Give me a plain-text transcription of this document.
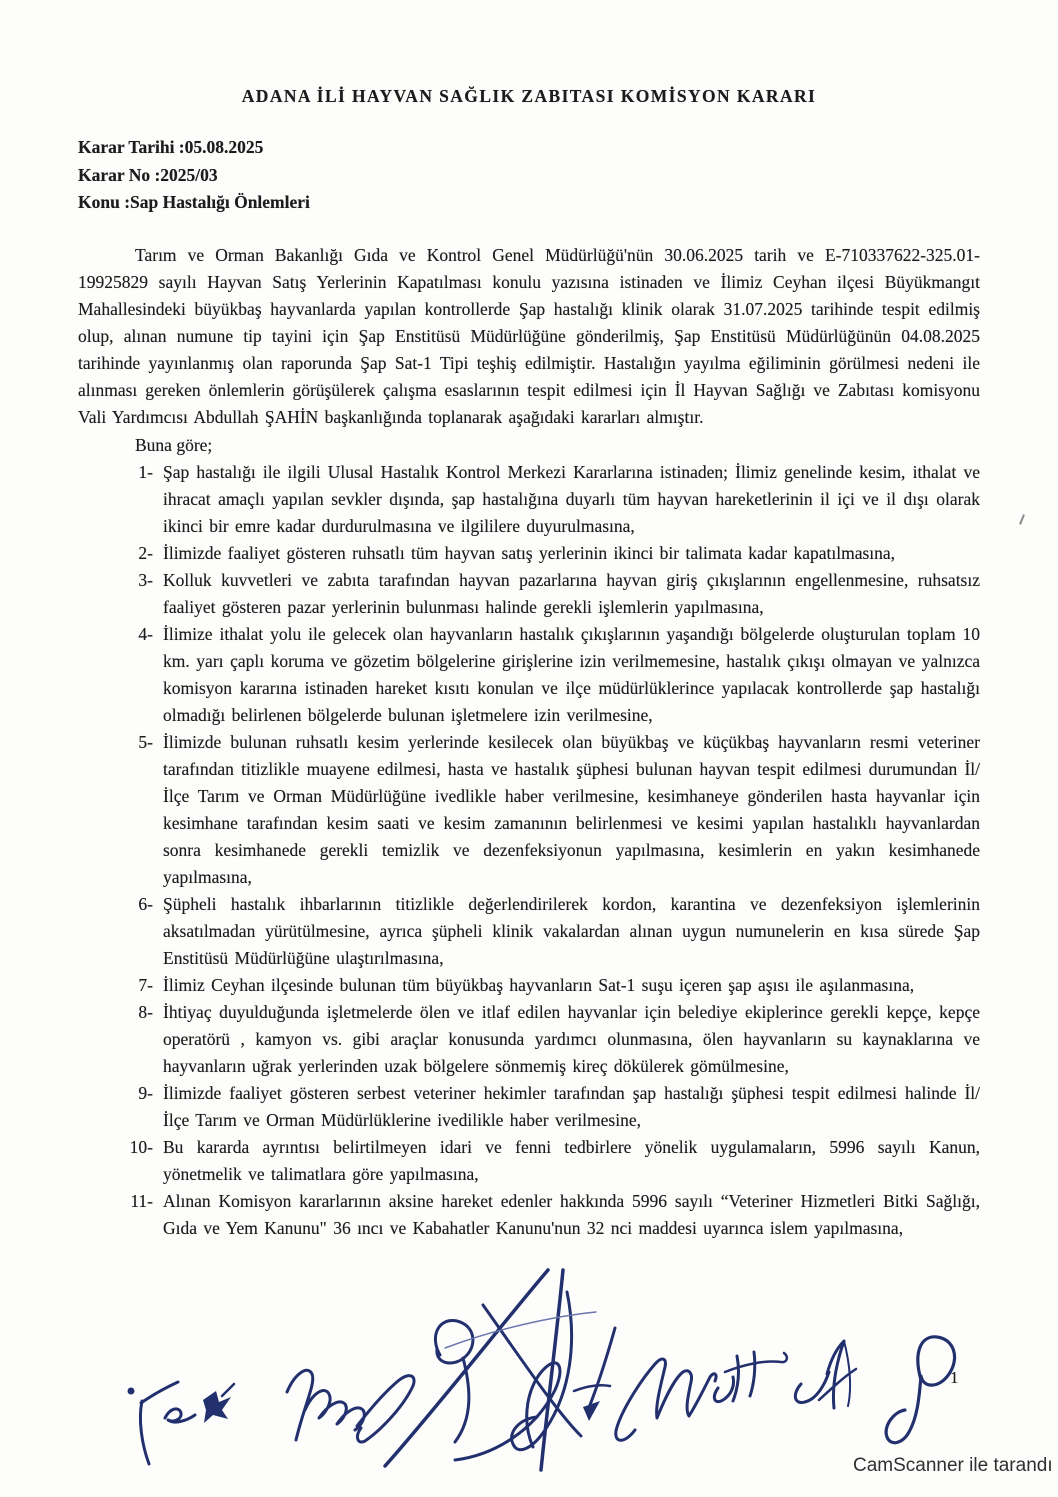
ADANA İLİ HAYVAN SAĞLIK ZABITASI KOMİSYON KARARI
Karar Tarihi :05.08.2025
Karar No :2025/03
Konu :Sap Hastalığı Önlemleri

Tarım ve Orman Bakanlığı Gıda ve Kontrol Genel Müdürlüğü'nün 30.06.2025 tarih ve E-710337622-325.01-19925829 sayılı Hayvan Satış Yerlerinin Kapatılması konulu yazısına istinaden ve İlimiz Ceyhan ilçesi Büyükmangıt Mahallesindeki büyükbaş hayvanlarda yapılan kontrollerde Şap hastalığı klinik olarak 31.07.2025 tarihinde tespit edilmiş olup, alınan numune tip tayini için Şap Enstitüsü Müdürlüğüne gönderilmiş, Şap Enstitüsü Müdürlüğünün 04.08.2025 tarihinde yayınlanmış olan raporunda Şap Sat-1 Tipi teşhiş edilmiştir. Hastalığın yayılma eğiliminin görülmesi nedeni ile alınması gereken önlemlerin görüşülerek çalışma esaslarının tespit edilmesi için İl Hayvan Sağlığı ve Zabıtası komisyonu Vali Yardımcısı Abdullah ŞAHİN başkanlığında toplanarak aşağıdaki kararları almıştır.

Buna göre;

1- Şap hastalığı ile ilgili Ulusal Hastalık Kontrol Merkezi Kararlarına istinaden; İlimiz genelinde kesim, ithalat ve ihracat amaçlı yapılan sevkler dışında, şap hastalığına duyarlı tüm hayvan hareketlerinin il içi ve il dışı olarak ikinci bir emre kadar durdurulmasına ve ilgililere duyurulmasına,
2- İlimizde faaliyet gösteren ruhsatlı tüm hayvan satış yerlerinin ikinci bir talimata kadar kapatılmasına,
3- Kolluk kuvvetleri ve zabıta tarafından hayvan pazarlarına hayvan giriş çıkışlarının engellenmesine, ruhsatsız faaliyet gösteren pazar yerlerinin bulunması halinde gerekli işlemlerin yapılmasına,
4- İlimize ithalat yolu ile gelecek olan hayvanların hastalık çıkışlarının yaşandığı bölgelerde oluşturulan toplam 10 km. yarı çaplı koruma ve gözetim bölgelerine girişlerine izin verilmemesine, hastalık çıkışı olmayan ve yalnızca komisyon kararına istinaden hareket kısıtı konulan ve ilçe müdürlüklerince yapılacak kontrollerde şap hastalığı olmadığı belirlenen bölgelerde bulunan işletmelere izin verilmesine,
5- İlimizde bulunan ruhsatlı kesim yerlerinde kesilecek olan büyükbaş ve küçükbaş hayvanların resmi veteriner tarafından titizlikle muayene edilmesi, hasta ve hastalık şüphesi bulunan hayvan tespit edilmesi durumundan İl/İlçe Tarım ve Orman Müdürlüğüne ivedlikle haber verilmesine, kesimhaneye gönderilen hasta hayvanlar için kesimhane tarafından kesim saati ve kesim zamanının belirlenmesi ve kesimi yapılan hastalıklı hayvanlardan sonra kesimhanede gerekli temizlik ve dezenfeksiyonun yapılmasına, kesimlerin en yakın kesimhanede yapılmasına,
6- Şüpheli hastalık ihbarlarının titizlikle değerlendirilerek kordon, karantina ve dezenfeksiyon işlemlerinin aksatılmadan yürütülmesine, ayrıca şüpheli klinik vakalardan alınan uygun numunelerin en kısa sürede Şap Enstitüsü Müdürlüğüne ulaştırılmasına,
7- İlimiz Ceyhan ilçesinde bulunan tüm büyükbaş hayvanların Sat-1 suşu içeren şap aşısı ile aşılanmasına,
8- İhtiyaç duyulduğunda işletmelerde ölen ve itlaf edilen hayvanlar için belediye ekiplerince gerekli kepçe, kepçe operatörü , kamyon vs. gibi araçlar konusunda yardımcı olunmasına, ölen hayvanların su kaynaklarına ve hayvanların uğrak yerlerinden uzak bölgelere sönmemiş kireç dökülerek gömülmesine,
9- İlimizde faaliyet gösteren serbest veteriner hekimler tarafından şap hastalığı şüphesi tespit edilmesi halinde İl/İlçe Tarım ve Orman Müdürlüklerine ivedilikle haber verilmesine,
10- Bu kararda ayrıntısı belirtilmeyen idari ve fenni tedbirlere yönelik uygulamaların, 5996 sayılı Kanun, yönetmelik ve talimatlara göre yapılmasına,
11- Alınan Komisyon kararlarının aksine hareket edenler hakkında 5996 sayılı “Veteriner Hizmetleri Bitki Sağlığı, Gıda ve Yem Kanunu" 36 ıncı ve Kabahatler Kanunu'nun 32 nci maddesi uyarınca islem yapılmasına,
1
CamScanner ile tarandı
